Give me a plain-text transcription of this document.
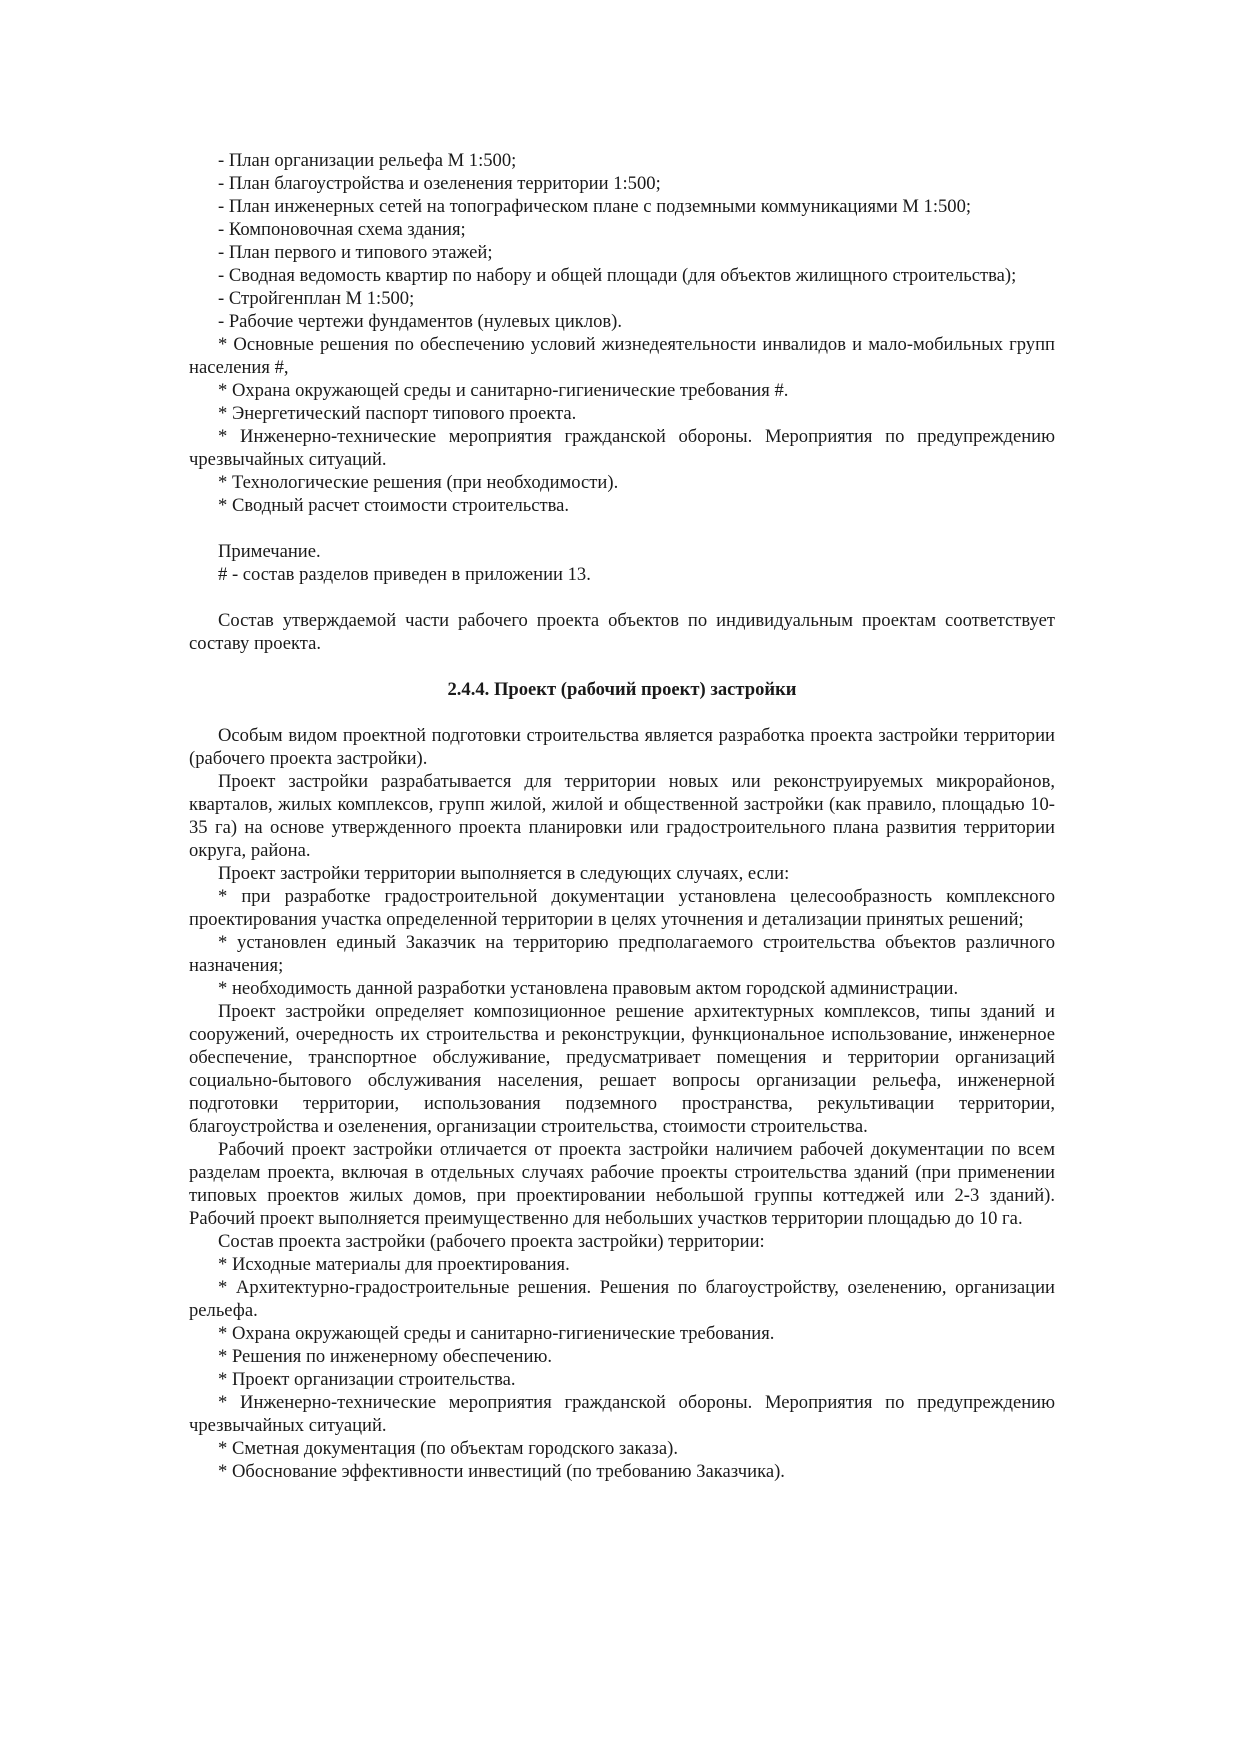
- План организации рельефа М 1:500;

- План благоустройства и озеленения территории 1:500;

- План инженерных сетей на топографическом плане с подземными коммуникациями М 1:500;

- Компоновочная схема здания;

- План первого и типового этажей;

- Сводная ведомость квартир по набору и общей площади (для объектов жилищного строительства);

- Стройгенплан М 1:500;

- Рабочие чертежи фундаментов (нулевых циклов).

* Основные решения по обеспечению условий жизнедеятельности инвалидов и мало-мобильных групп населения #,

* Охрана окружающей среды и санитарно-гигиенические требования #.

* Энергетический паспорт типового проекта.

* Инженерно-технические мероприятия гражданской обороны. Мероприятия по предупреждению чрезвычайных ситуаций.

* Технологические решения (при необходимости).

* Сводный расчет стоимости строительства.

Примечание.

# - состав разделов приведен в приложении 13.

Состав утверждаемой части рабочего проекта объектов по индивидуальным проектам соответствует составу проекта.

2.4.4. Проект (рабочий проект) застройки

Особым видом проектной подготовки строительства является разработка проекта застройки территории (рабочего проекта застройки).

Проект застройки разрабатывается для территории новых или реконструируемых микрорайонов, кварталов, жилых комплексов, групп жилой, жилой и общественной застройки (как правило, площадью 10-35 га) на основе утвержденного проекта планировки или градостроительного плана развития территории округа, района.

Проект застройки территории выполняется в следующих случаях, если:

* при разработке градостроительной документации установлена целесообразность комплексного проектирования участка определенной территории в целях уточнения и детализации принятых решений;

* установлен единый Заказчик на территорию предполагаемого строительства объектов различного назначения;

* необходимость данной разработки установлена правовым актом городской администрации.

Проект застройки определяет композиционное решение архитектурных комплексов, типы зданий и сооружений, очередность их строительства и реконструкции, функциональное использование, инженерное обеспечение, транспортное обслуживание, предусматривает помещения и территории организаций социально-бытового обслуживания населения, решает вопросы организации рельефа, инженерной подготовки территории, использования подземного пространства, рекультивации территории, благоустройства и озеленения, организации строительства, стоимости строительства.

Рабочий проект застройки отличается от проекта застройки наличием рабочей документации по всем разделам проекта, включая в отдельных случаях рабочие проекты строительства зданий (при применении типовых проектов жилых домов, при проектировании небольшой группы коттеджей или 2-3 зданий). Рабочий проект выполняется преимущественно для небольших участков территории площадью до 10 га.

Состав проекта застройки (рабочего проекта застройки) территории:

* Исходные материалы для проектирования.

* Архитектурно-градостроительные решения. Решения по благоустройству, озеленению, организации рельефа.

* Охрана окружающей среды и санитарно-гигиенические требования.

* Решения по инженерному обеспечению.

* Проект организации строительства.

* Инженерно-технические мероприятия гражданской обороны. Мероприятия по предупреждению чрезвычайных ситуаций.

* Сметная документация (по объектам городского заказа).

* Обоснование эффективности инвестиций (по требованию Заказчика).
